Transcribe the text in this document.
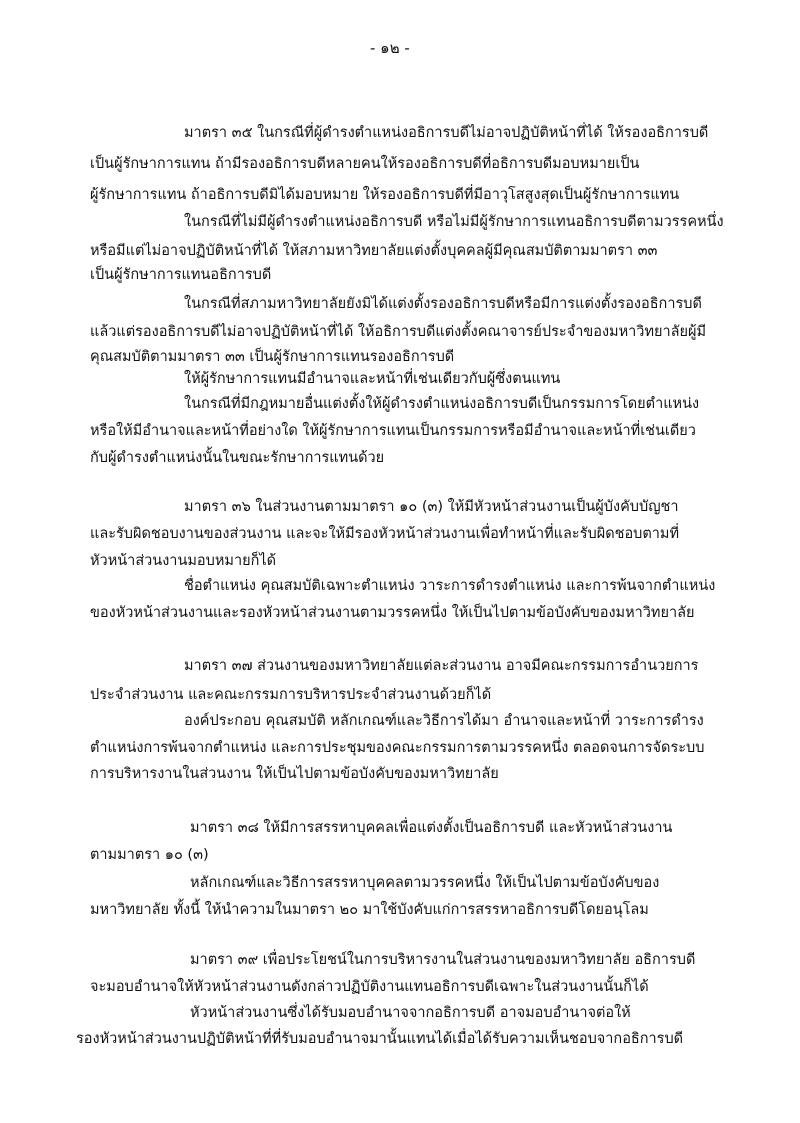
- ๑๒ -
มาตรา ๓๕ ในกรณีที่ผู้ดำรงตำแหน่งอธิการบดีไม่อาจปฏิบัติหน้าที่ได้ ให้รองอธิการบดี
เป็นผู้รักษาการแทน ถ้ามีรองอธิการบดีหลายคนให้รองอธิการบดีที่อธิการบดีมอบหมายเป็น
ผู้รักษาการแทน ถ้าอธิการบดีมิได้มอบหมาย ให้รองอธิการบดีที่มีอาวุโสสูงสุดเป็นผู้รักษาการแทน
ในกรณีที่ไม่มีผู้ดำรงตำแหน่งอธิการบดี หรือไม่มีผู้รักษาการแทนอธิการบดีตามวรรคหนึ่ง
หรือมีแต่ไม่อาจปฏิบัติหน้าที่ได้ ให้สภามหาวิทยาลัยแต่งตั้งบุคคลผู้มีคุณสมบัติตามมาตรา ๓๓
เป็นผู้รักษาการแทนอธิการบดี
ในกรณีที่สภามหาวิทยาลัยยังมิได้แต่งตั้งรองอธิการบดีหรือมีการแต่งตั้งรองอธิการบดี
แล้วแต่รองอธิการบดีไม่อาจปฏิบัติหน้าที่ได้ ให้อธิการบดีแต่งตั้งคณาจารย์ประจำของมหาวิทยาลัยผู้มี
คุณสมบัติตามมาตรา ๓๓ เป็นผู้รักษาการแทนรองอธิการบดี
ให้ผู้รักษาการแทนมีอำนาจและหน้าที่เช่นเดียวกับผู้ซึ่งตนแทน
ในกรณีที่มีกฎหมายอื่นแต่งตั้งให้ผู้ดำรงตำแหน่งอธิการบดีเป็นกรรมการโดยตำแหน่ง
หรือให้มีอำนาจและหน้าที่อย่างใด ให้ผู้รักษาการแทนเป็นกรรมการหรือมีอำนาจและหน้าที่เช่นเดียว
กับผู้ดำรงตำแหน่งนั้นในขณะรักษาการแทนด้วย
มาตรา ๓๖ ในส่วนงานตามมาตรา ๑๐ (๓) ให้มีหัวหน้าส่วนงานเป็นผู้บังคับบัญชา
และรับผิดชอบงานของส่วนงาน และจะให้มีรองหัวหน้าส่วนงานเพื่อทำหน้าที่และรับผิดชอบตามที่
หัวหน้าส่วนงานมอบหมายก็ได้
ชื่อตำแหน่ง คุณสมบัติเฉพาะตำแหน่ง วาระการดำรงตำแหน่ง และการพ้นจากตำแหน่ง
ของหัวหน้าส่วนงานและรองหัวหน้าส่วนงานตามวรรคหนึ่ง ให้เป็นไปตามข้อบังคับของมหาวิทยาลัย
มาตรา ๓๗ ส่วนงานของมหาวิทยาลัยแต่ละส่วนงาน อาจมีคณะกรรมการอำนวยการ
ประจำส่วนงาน และคณะกรรมการบริหารประจำส่วนงานด้วยก็ได้
องค์ประกอบ คุณสมบัติ หลักเกณฑ์และวิธีการได้มา อำนาจและหน้าที่ วาระการดำรง
ตำแหน่งการพ้นจากตำแหน่ง และการประชุมของคณะกรรมการตามวรรคหนึ่ง ตลอดจนการจัดระบบ
การบริหารงานในส่วนงาน ให้เป็นไปตามข้อบังคับของมหาวิทยาลัย
มาตรา ๓๘ ให้มีการสรรหาบุคคลเพื่อแต่งตั้งเป็นอธิการบดี และหัวหน้าส่วนงาน
ตามมาตรา ๑๐ (๓)
หลักเกณฑ์และวิธีการสรรหาบุคคลตามวรรคหนึ่ง ให้เป็นไปตามข้อบังคับของ
มหาวิทยาลัย ทั้งนี้ ให้นำความในมาตรา ๒๐ มาใช้บังคับแก่การสรรหาอธิการบดีโดยอนุโลม
มาตรา ๓๙ เพื่อประโยชน์ในการบริหารงานในส่วนงานของมหาวิทยาลัย อธิการบดี
จะมอบอำนาจให้หัวหน้าส่วนงานดังกล่าวปฏิบัติงานแทนอธิการบดีเฉพาะในส่วนงานนั้นก็ได้
หัวหน้าส่วนงานซึ่งได้รับมอบอำนาจจากอธิการบดี อาจมอบอำนาจต่อให้
รองหัวหน้าส่วนงานปฏิบัติหน้าที่ที่รับมอบอำนาจมานั้นแทนได้เมื่อได้รับความเห็นชอบจากอธิการบดี
